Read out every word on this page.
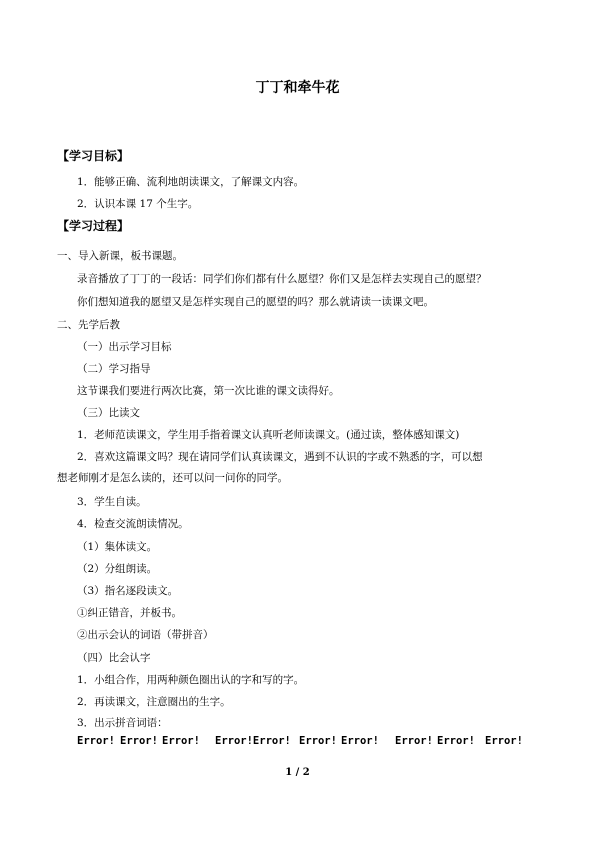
丁丁和牵牛花
【学习目标】
1．能够正确、流利地朗读课文，了解课文内容。
2．认识本课 17 个生字。
【学习过程】
一、导入新课，板书课题。
录音播放了丁丁的一段话：同学们你们都有什么愿望？你们又是怎样去实现自己的愿望？
你们想知道我的愿望又是怎样实现自己的愿望的吗？那么就请读一读课文吧。
二、先学后教
（一）出示学习目标
（二）学习指导
这节课我们要进行两次比赛，第一次比谁的课文读得好。
（三）比读文
1．老师范读课文，学生用手指着课文认真听老师读课文。(通过读，整体感知课文)
2．喜欢这篇课文吗？现在请同学们认真读课文，遇到不认识的字或不熟悉的字，可以想
想老师刚才是怎么读的，还可以问一问你的同学。
3．学生自读。
4．检查交流朗读情况。
（1）集体读文。
（2）分组朗读。
（3）指名逐段读文。
①纠正错音，并板书。
②出示会认的词语（带拼音）
（四）比会认字
1．小组合作，用两种颜色圈出认的字和写的字。
2．再读课文，注意圈出的生字。
3．出示拼音词语：
Error! Error! Error! Error!Error! Error! Error! Error! Error! Error!
1 / 2
